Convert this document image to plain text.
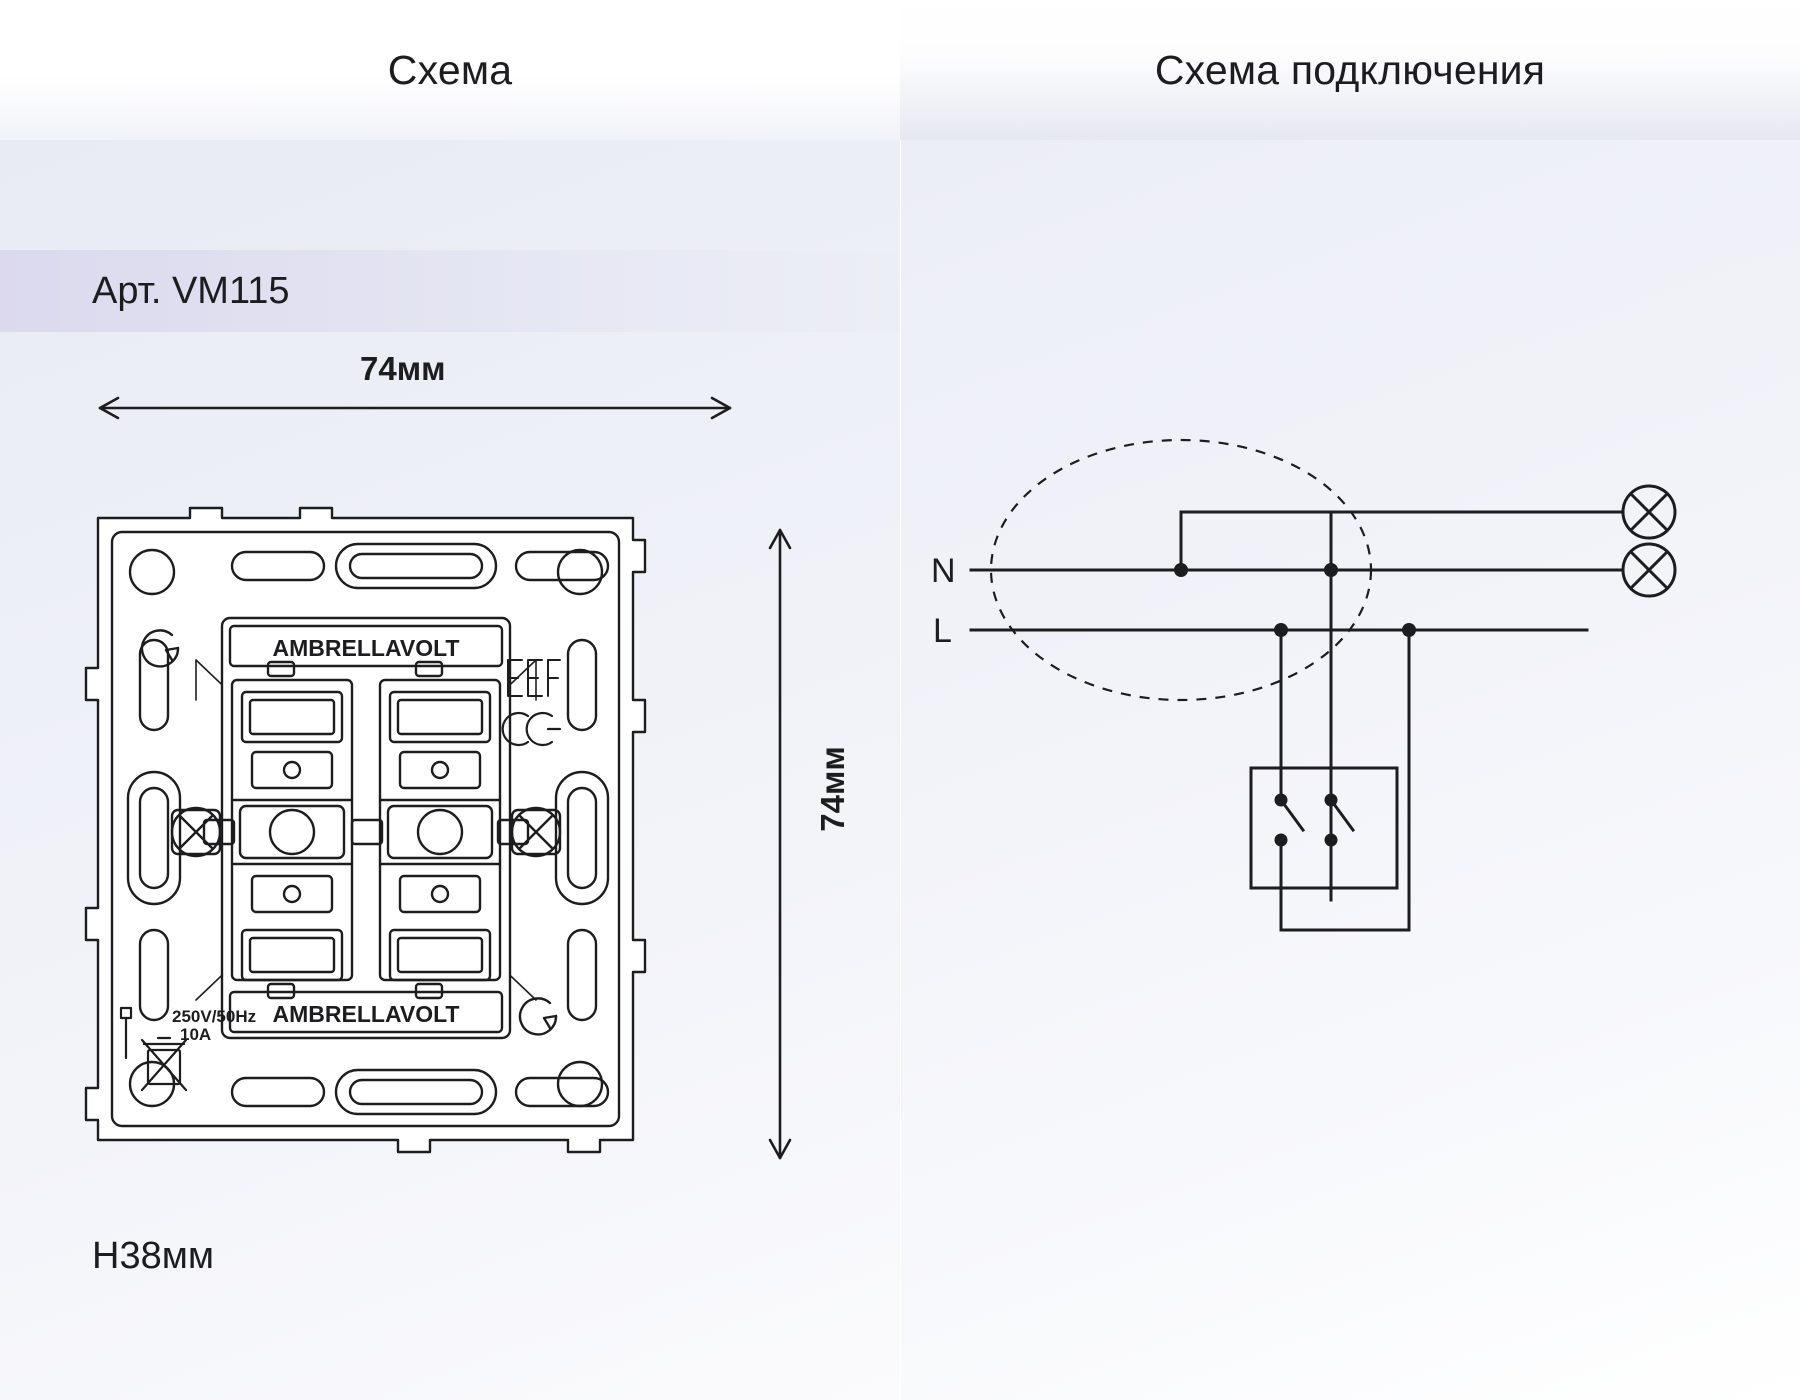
Схема	Схема подключения
Арт. VM115
74мм
74мм
H38мм
AMBRELLAVOLT
AMBRELLAVOLT
250V/50Hz
10A
N
L
